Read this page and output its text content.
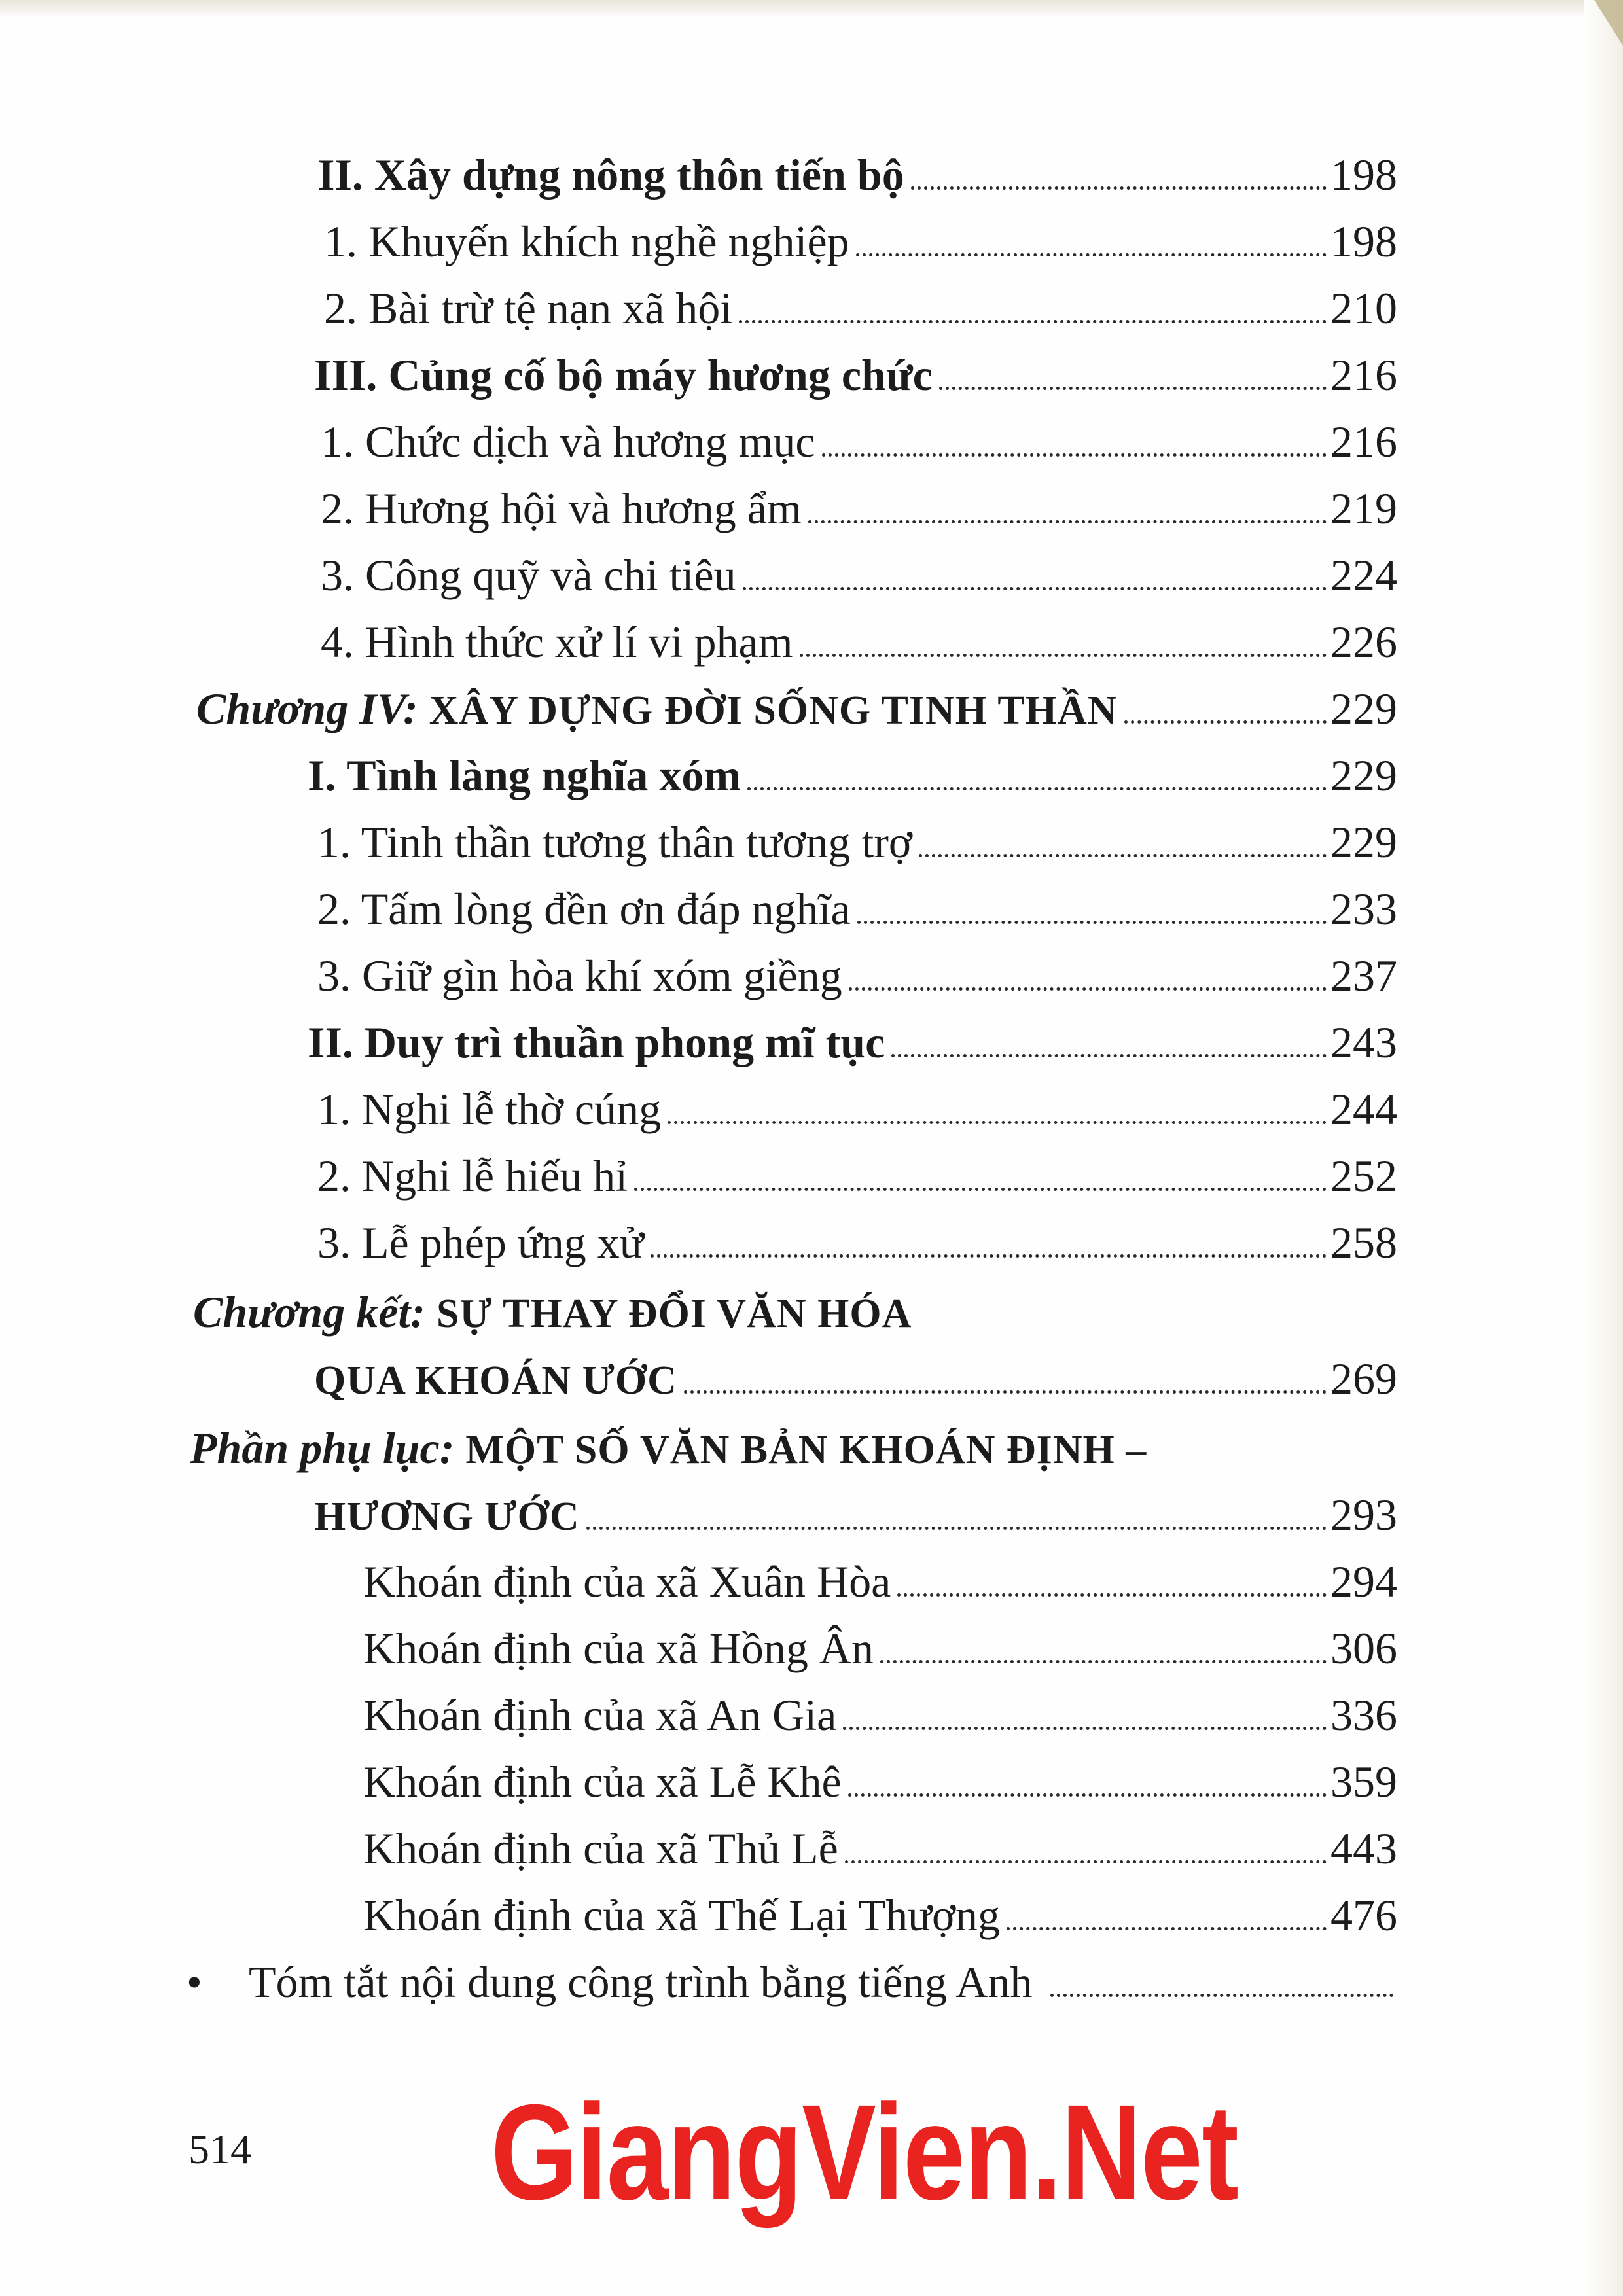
II. Xây dựng nông thôn tiến bộ	198
1. Khuyến khích nghề nghiệp	198
2. Bài trừ tệ nạn xã hội	210
III. Củng cố bộ máy hương chức	216
1. Chức dịch và hương mục	216
2. Hương hội và hương ẩm	219
3. Công quỹ và chi tiêu	224
4. Hình thức xử lí vi phạm	226
Chương IV: XÂY DỰNG ĐỜI SỐNG TINH THẦN	229
I. Tình làng nghĩa xóm	229
1. Tinh thần tương thân tương trợ	229
2. Tấm lòng đền ơn đáp nghĩa	233
3. Giữ gìn hòa khí xóm giềng	237
II. Duy trì thuần phong mĩ tục	243
1. Nghi lễ thờ cúng	244
2. Nghi lễ hiếu hỉ	252
3. Lễ phép ứng xử	258
Chương kết: SỰ THAY ĐỔI VĂN HÓA
QUA KHOÁN ƯỚC	269
Phần phụ lục: MỘT SỐ VĂN BẢN KHOÁN ĐỊNH –
HƯƠNG ƯỚC	293
Khoán định của xã Xuân Hòa	294
Khoán định của xã Hồng Ân	306
Khoán định của xã An Gia	336
Khoán định của xã Lễ Khê	359
Khoán định của xã Thủ Lễ	443
Khoán định của xã Thế Lại Thượng	476
• Tóm tắt nội dung công trình bằng tiếng Anh
514 GiangVien.Net
